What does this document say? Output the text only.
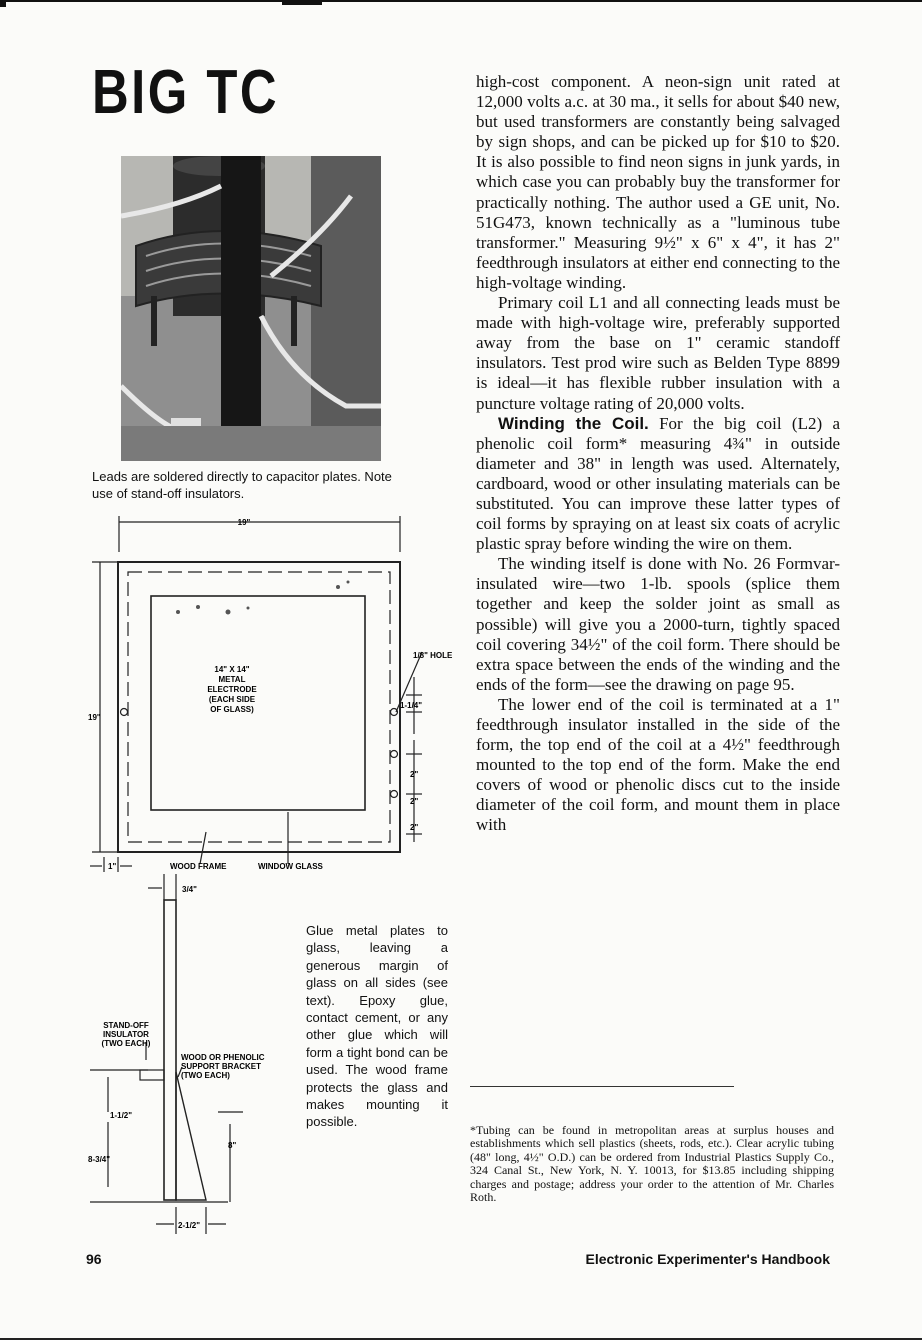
BIG TC
Leads are soldered directly to capacitor plates. Note use of stand-off insulators.
19"
19"
14" X 14"
METAL
ELECTRODE
(EACH SIDE
OF GLASS)
1/8" HOLE
1-1/4"
2"
2"
2"
1"	WOOD FRAME	WINDOW GLASS
3/4"
STAND-OFF
INSULATOR
(TWO EACH)
WOOD OR PHENOLIC
SUPPORT BRACKET
(TWO EACH)
1-1/2"
8-3/4"
8"
2-1/2"
Glue metal plates to glass, leaving a generous margin of glass on all sides (see text). Epoxy glue, contact cement, or any other glue which will form a tight bond can be used. The wood frame protects the glass and makes mounting it possible.

high-cost component. A neon-sign unit rated at 12,000 volts a.c. at 30 ma., it sells for about $40 new, but used transformers are constantly being salvaged by sign shops, and can be picked up for $10 to $20. It is also possible to find neon signs in junk yards, in which case you can probably buy the transformer for practically nothing. The author used a GE unit, No. 51G473, known technically as a "luminous tube transformer." Measuring 9½" x 6" x 4", it has 2" feedthrough insulators at either end connecting to the high-voltage winding.

Primary coil L1 and all connecting leads must be made with high-voltage wire, preferably supported away from the base on 1" ceramic standoff insulators. Test prod wire such as Belden Type 8899 is ideal—it has flexible rubber insulation with a puncture voltage rating of 20,000 volts.

Winding the Coil. For the big coil (L2) a phenolic coil form* measuring 4¾" in outside diameter and 38" in length was used. Alternately, cardboard, wood or other insulating materials can be substituted. You can improve these latter types of coil forms by spraying on at least six coats of acrylic plastic spray before winding the wire on them.

The winding itself is done with No. 26 Formvar-insulated wire—two 1-lb. spools (splice them together and keep the solder joint as small as possible) will give you a 2000-turn, tightly spaced coil covering 34½" of the coil form. There should be extra space between the ends of the winding and the ends of the form—see the drawing on page 95.

The lower end of the coil is terminated at a 1" feedthrough insulator installed in the side of the form, the top end of the coil at a 4½" feedthrough mounted to the top end of the form. Make the end covers of wood or phenolic discs cut to the inside diameter of the coil form, and mount them in place with

*Tubing can be found in metropolitan areas at surplus houses and establishments which sell plastics (sheets, rods, etc.). Clear acrylic tubing (48" long, 4½" O.D.) can be ordered from Industrial Plastics Supply Co., 324 Canal St., New York, N. Y. 10013, for $13.85 including shipping charges and postage; address your order to the attention of Mr. Charles Roth.
96	Electronic Experimenter's Handbook
